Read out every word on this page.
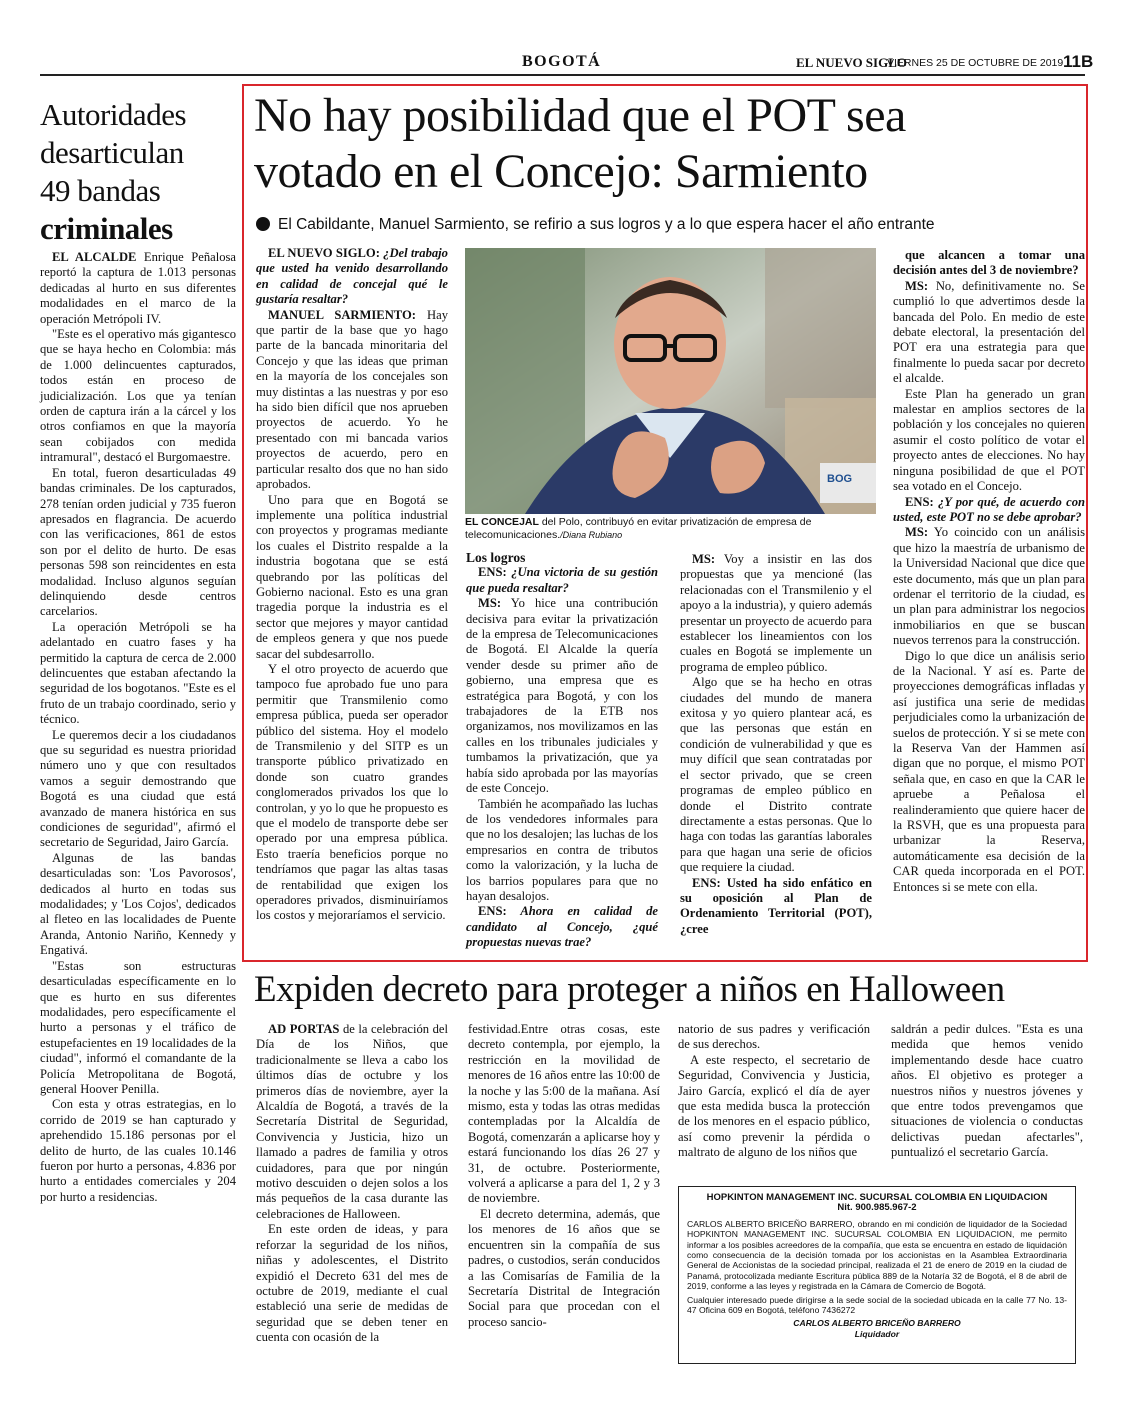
BOGOTÁ	EL NUEVO SIGLO
VIERNES 25 DE OCTUBRE DE 2019 11B
Autoridades
desarticulan
49 bandas
criminales

EL ALCALDE Enrique Peñalosa reportó la captura de 1.013 personas dedicadas al hurto en sus diferentes modalidades en el marco de la operación Metrópoli IV.

"Este es el operativo más gigantesco que se haya hecho en Colombia: más de 1.000 delincuentes capturados, todos están en proceso de judicialización. Los que ya tenían orden de captura irán a la cárcel y los otros confiamos en que la mayoría sean cobijados con medida intramural", destacó el Burgomaestre.

En total, fueron desarticuladas 49 bandas criminales. De los capturados, 278 tenían orden judicial y 735 fueron apresados en flagrancia. De acuerdo con las verificaciones, 861 de estos son por el delito de hurto. De esas personas 598 son reincidentes en esta modalidad. Incluso algunos seguían delinquiendo desde centros carcelarios.

La operación Metrópoli se ha adelantado en cuatro fases y ha permitido la captura de cerca de 2.000 delincuentes que estaban afectando la seguridad de los bogotanos. "Este es el fruto de un trabajo coordinado, serio y técnico.

Le queremos decir a los ciudadanos que su seguridad es nuestra prioridad número uno y que con resultados vamos a seguir demostrando que Bogotá es una ciudad que está avanzado de manera histórica en sus condiciones de seguridad", afirmó el secretario de Seguridad, Jairo García.

Algunas de las bandas desarticuladas son: 'Los Pavorosos', dedicados al hurto en todas sus modalidades; y 'Los Cojos', dedicados al fleteo en las localidades de Puente Aranda, Antonio Nariño, Kennedy y Engativá.

"Estas son estructuras desarticuladas específicamente en lo que es hurto en sus diferentes modalidades, pero específicamente el hurto a personas y el tráfico de estupefacientes en 19 localidades de la ciudad", informó el comandante de la Policía Metropolitana de Bogotá, general Hoover Penilla.

Con esta y otras estrategias, en lo corrido de 2019 se han capturado y aprehendido 15.186 personas por el delito de hurto, de las cuales 10.146 fueron por hurto a personas, 4.836 por hurto a entidades comerciales y 204 por hurto a residencias.

No hay posibilidad que el POT sea
votado en el Concejo: Sarmiento
El Cabildante, Manuel Sarmiento, se refirio a sus logros y a lo que espera hacer el año entrante

EL NUEVO SIGLO: ¿Del trabajo que usted ha venido desarrollando en calidad de concejal qué le gustaría resaltar?

MANUEL SARMIENTO: Hay que partir de la base que yo hago parte de la bancada minoritaria del Concejo y que las ideas que priman en la mayoría de los concejales son muy distintas a las nuestras y por eso ha sido bien difícil que nos aprueben proyectos de acuerdo. Yo he presentado con mi bancada varios proyectos de acuerdo, pero en particular resalto dos que no han sido aprobados.

Uno para que en Bogotá se implemente una política industrial con proyectos y programas mediante los cuales el Distrito respalde a la industria bogotana que se está quebrando por las políticas del Gobierno nacional. Esto es una gran tragedia porque la industria es el sector que mejores y mayor cantidad de empleos genera y que nos puede sacar del subdesarrollo.

Y el otro proyecto de acuerdo que tampoco fue aprobado fue uno para permitir que Transmilenio como empresa pública, pueda ser operador público del sistema. Hoy el modelo de Transmilenio y del SITP es un transporte público privatizado en donde son cuatro grandes conglomerados privados los que lo controlan, y yo lo que he propuesto es que el modelo de transporte debe ser operado por una empresa pública. Esto traería beneficios porque no tendríamos que pagar las altas tasas de rentabilidad que exigen los operadores privados, disminuiríamos los costos y mejoraríamos el servicio.

BOG
EL CONCEJAL del Polo, contribuyó en evitar privatización de empresa de telecomunicaciones./Diana Rubiano

Los logros

ENS: ¿Una victoria de su gestión que pueda resaltar?

MS: Yo hice una contribución decisiva para evitar la privatización de la empresa de Telecomunicaciones de Bogotá. El Alcalde la quería vender desde su primer año de gobierno, una empresa que es estratégica para Bogotá, y con los trabajadores de la ETB nos organizamos, nos movilizamos en las calles en los tribunales judiciales y tumbamos la privatización, que ya había sido aprobada por las mayorías de este Concejo.

También he acompañado las luchas de los vendedores informales para que no los desalojen; las luchas de los empresarios en contra de tributos como la valorización, y la lucha de los barrios populares para que no hayan desalojos.

ENS: Ahora en calidad de candidato al Concejo, ¿qué propuestas nuevas trae?

MS: Voy a insistir en las dos propuestas que ya mencioné (las relacionadas con el Transmilenio y el apoyo a la industria), y quiero además presentar un proyecto de acuerdo para establecer los lineamientos con los cuales en Bogotá se implemente un programa de empleo público.

Algo que se ha hecho en otras ciudades del mundo de manera exitosa y yo quiero plantear acá, es que las personas que están en condición de vulnerabilidad y que es muy difícil que sean contratadas por el sector privado, que se creen programas de empleo público en donde el Distrito contrate directamente a estas personas. Que lo haga con todas las garantías laborales para que hagan una serie de oficios que requiere la ciudad.

ENS: Usted ha sido enfático en su oposición al Plan de Ordenamiento Territorial (POT), ¿cree

que alcancen a tomar una decisión antes del 3 de noviembre?

MS: No, definitivamente no. Se cumplió lo que advertimos desde la bancada del Polo. En medio de este debate electoral, la presentación del POT era una estrategia para que finalmente lo pueda sacar por decreto el alcalde.

Este Plan ha generado un gran malestar en amplios sectores de la población y los concejales no quieren asumir el costo político de votar el proyecto antes de elecciones. No hay ninguna posibilidad de que el POT sea votado en el Concejo.

ENS: ¿Y por qué, de acuerdo con usted, este POT no se debe aprobar?

MS: Yo coincido con un análisis que hizo la maestría de urbanismo de la Universidad Nacional que dice que este documento, más que un plan para ordenar el territorio de la ciudad, es un plan para administrar los negocios inmobiliarios en que se buscan nuevos terrenos para la construcción.

Digo lo que dice un análisis serio de la Nacional. Y así es. Parte de proyecciones demográficas infladas y así justifica una serie de medidas perjudiciales como la urbanización de suelos de protección. Y si se mete con la Reserva Van der Hammen así digan que no porque, el mismo POT señala que, en caso en que la CAR le apruebe a Peñalosa el realinderamiento que quiere hacer de la RSVH, que es una propuesta para urbanizar la Reserva, automáticamente esa decisión de la CAR queda incorporada en el POT. Entonces si se mete con ella.

Expiden decreto para proteger a niños en Halloween

AD PORTAS de la celebración del Día de los Niños, que tradicionalmente se lleva a cabo los últimos días de octubre y los primeros días de noviembre, ayer la Alcaldía de Bogotá, a través de la Secretaría Distrital de Seguridad, Convivencia y Justicia, hizo un llamado a padres de familia y otros cuidadores, para que por ningún motivo descuiden o dejen solos a los más pequeños de la casa durante las celebraciones de Halloween.

En este orden de ideas, y para reforzar la seguridad de los niños, niñas y adolescentes, el Distrito expidió el Decreto 631 del mes de octubre de 2019, mediante el cual estableció una serie de medidas de seguridad que se deben tener en cuenta con ocasión de la

festividad.Entre otras cosas, este decreto contempla, por ejemplo, la restricción en la movilidad de menores de 16 años entre las 10:00 de la noche y las 5:00 de la mañana. Así mismo, esta y todas las otras medidas contempladas por la Alcaldía de Bogotá, comenzarán a aplicarse hoy y estará funcionando los días 26 27 y 31, de octubre. Posteriormente, volverá a aplicarse a para del 1, 2 y 3 de noviembre.

El decreto determina, además, que los menores de 16 años que se encuentren sin la compañía de sus padres, o custodios, serán conducidos a las Comisarías de Familia de la Secretaría Distrital de Integración Social para que procedan con el proceso sancio-

natorio de sus padres y verificación de sus derechos.

A este respecto, el secretario de Seguridad, Convivencia y Justicia, Jairo García, explicó el día de ayer que esta medida busca la protección de los menores en el espacio público, así como prevenir la pérdida o maltrato de alguno de los niños que

saldrán a pedir dulces. "Esta es una medida que hemos venido implementando desde hace cuatro años. El objetivo es proteger a nuestros niños y nuestros jóvenes y que entre todos prevengamos que situaciones de violencia o conductas delictivas puedan afectarles", puntualizó el secretario García.

HOPKINTON MANAGEMENT INC. SUCURSAL COLOMBIA EN LIQUIDACION
Nit. 900.985.967-2

CARLOS ALBERTO BRICEÑO BARRERO, obrando en mi condición de liquidador de la Sociedad HOPKINTON MANAGEMENT INC. SUCURSAL COLOMBIA EN LIQUIDACION, me permito informar a los posibles acreedores de la compañía, que esta se encuentra en estado de liquidación como consecuencia de la decisión tomada por los accionistas en la Asamblea Extraordinaria General de Accionistas de la sociedad principal, realizada el 21 de enero de 2019 en la ciudad de Panamá, protocolizada mediante Escritura pública 889 de la Notaría 32 de Bogotá, el 8 de abril de 2019, conforme a las leyes y registrada en la Cámara de Comercio de Bogotá.

Cualquier interesado puede dirigirse a la sede social de la sociedad ubicada en la calle 77 No. 13-47 Oficina 609 en Bogotá, teléfono 7436272

CARLOS ALBERTO BRICEÑO BARRERO
Liquidador
